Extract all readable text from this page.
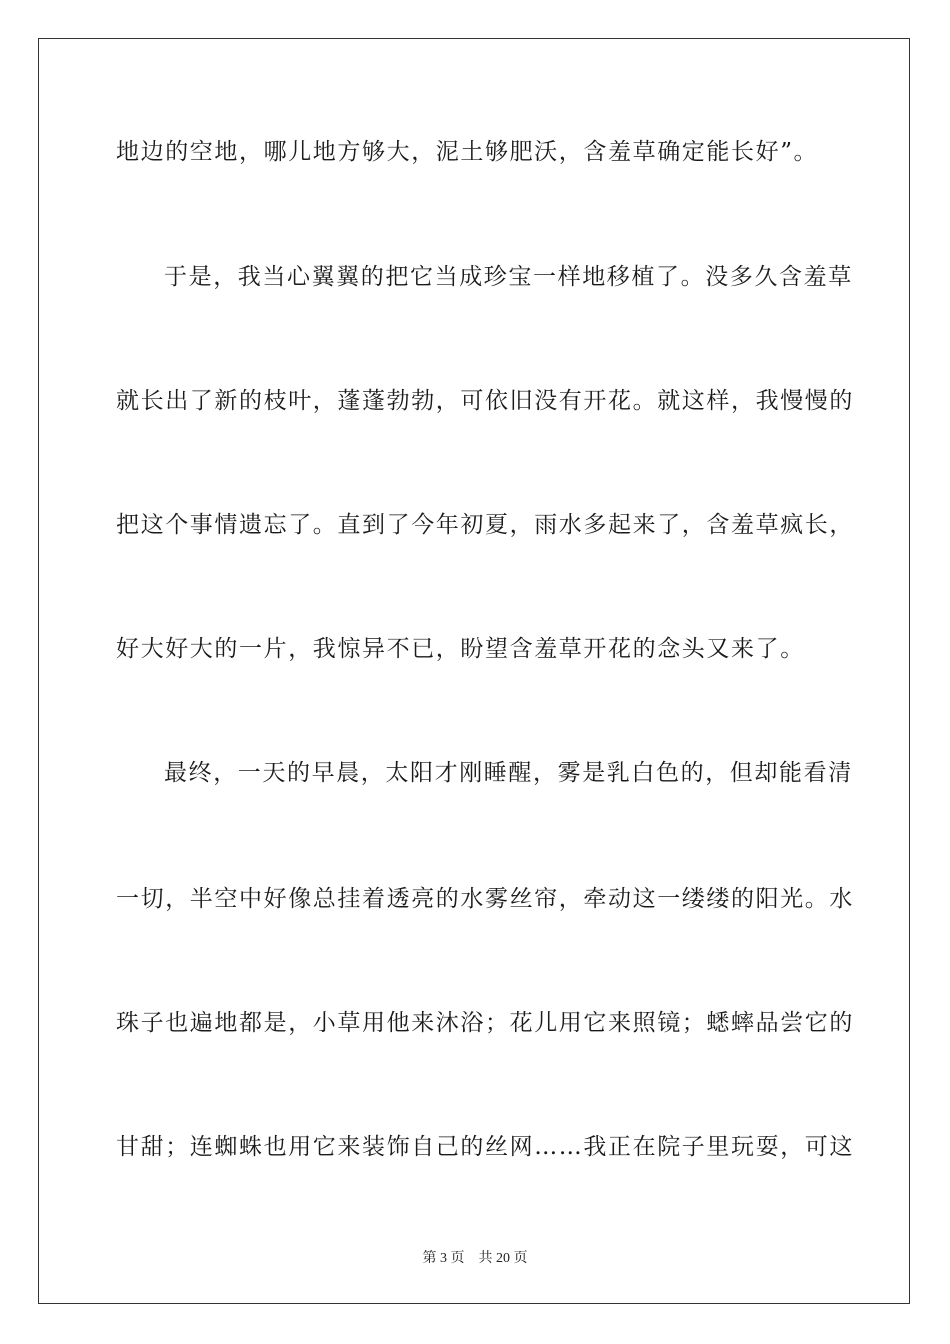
地边的空地，哪儿地方够大，泥土够肥沃，含羞草确定能长好”。
于是，我当心翼翼的把它当成珍宝一样地移植了。没多久含羞草
就长出了新的枝叶，蓬蓬勃勃，可依旧没有开花。就这样，我慢慢的
把这个事情遗忘了。直到了今年初夏，雨水多起来了，含羞草疯长，
好大好大的一片，我惊异不已，盼望含羞草开花的念头又来了。
最终，一天的早晨，太阳才刚睡醒，雾是乳白色的，但却能看清
一切，半空中好像总挂着透亮的水雾丝帘，牵动这一缕缕的阳光。水
珠子也遍地都是，小草用他来沐浴；花儿用它来照镜；蟋蟀品尝它的
甘甜；连蜘蛛也用它来装饰自己的丝网……我正在院子里玩耍，可这
第 3 页 共 20 页
